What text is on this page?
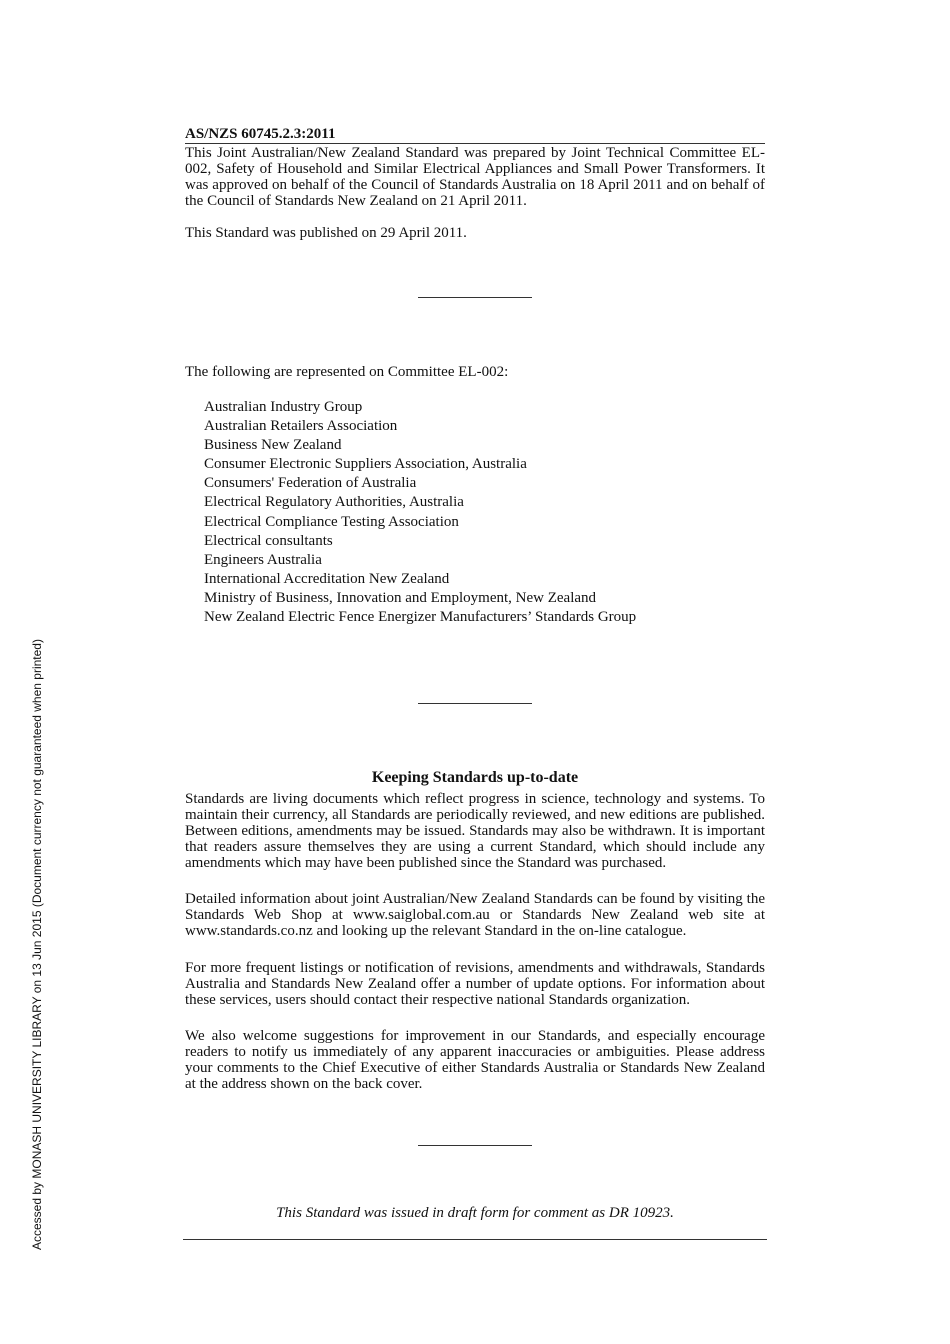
AS/NZS 60745.2.3:2011
This Joint Australian/New Zealand Standard was prepared by Joint Technical Committee EL-002, Safety of Household and Similar Electrical Appliances and Small Power Transformers. It was approved on behalf of the Council of Standards Australia on 18 April 2011 and on behalf of the Council of Standards New Zealand on 21 April 2011.
This Standard was published on 29 April 2011.
The following are represented on Committee EL-002:
Australian Industry Group
Australian Retailers Association
Business New Zealand
Consumer Electronic Suppliers Association, Australia
Consumers' Federation of Australia
Electrical Regulatory Authorities, Australia
Electrical Compliance Testing Association
Electrical consultants
Engineers Australia
International Accreditation New Zealand
Ministry of Business, Innovation and Employment, New Zealand
New Zealand Electric Fence Energizer Manufacturers’ Standards Group
Keeping Standards up-to-date

Standards are living documents which reflect progress in science, technology and systems. To maintain their currency, all Standards are periodically reviewed, and new editions are published. Between editions, amendments may be issued. Standards may also be withdrawn. It is important that readers assure themselves they are using a current Standard, which should include any amendments which may have been published since the Standard was purchased.

Detailed information about joint Australian/New Zealand Standards can be found by visiting the Standards Web Shop at www.saiglobal.com.au or Standards New Zealand web site at www.standards.co.nz and looking up the relevant Standard in the on-line catalogue.

For more frequent listings or notification of revisions, amendments and withdrawals, Standards Australia and Standards New Zealand offer a number of update options. For information about these services, users should contact their respective national Standards organization.

We also welcome suggestions for improvement in our Standards, and especially encourage readers to notify us immediately of any apparent inaccuracies or ambiguities. Please address your comments to the Chief Executive of either Standards Australia or Standards New Zealand at the address shown on the back cover.

This Standard was issued in draft form for comment as DR 10923.
Accessed by MONASH UNIVERSITY LIBRARY on 13 Jun 2015 (Document currency not guaranteed when printed)
